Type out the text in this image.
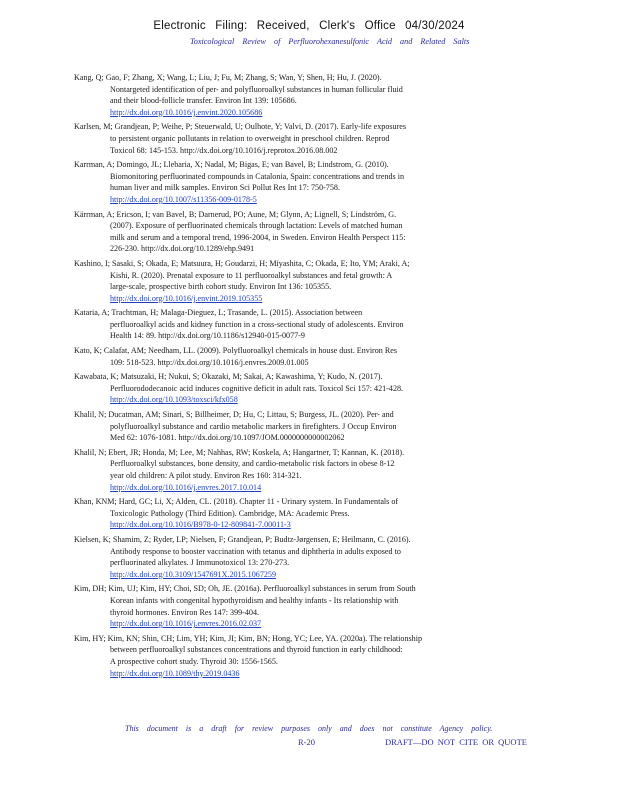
Electronic Filing: Received, Clerk's Office 04/30/2024
Toxicological Review of Perfluorohexanesulfonic Acid and Related Salts
Kang, Q; Gao, F; Zhang, X; Wang, L; Liu, J; Fu, M; Zhang, S; Wan, Y; Shen, H; Hu, J. (2020).
Nontargeted identification of per- and polyfluoroalkyl substances in human follicular fluid
and their blood-follicle transfer. Environ Int 139: 105686.
http://dx.doi.org/10.1016/j.envint.2020.105686
Karlsen, M; Grandjean, P; Weihe, P; Steuerwald, U; Oulhote, Y; Valvi, D. (2017). Early-life exposures
to persistent organic pollutants in relation to overweight in preschool children. Reprod
Toxicol 68: 145-153. http://dx.doi.org/10.1016/j.reprotox.2016.08.002
Karrman, A; Domingo, JL; Llebaria, X; Nadal, M; Bigas, E; van Bavel, B; Lindstrom, G. (2010).
Biomonitoring perfluorinated compounds in Catalonia, Spain: concentrations and trends in
human liver and milk samples. Environ Sci Pollut Res Int 17: 750-758.
http://dx.doi.org/10.1007/s11356-009-0178-5
Kärrman, A; Ericson, I; van Bavel, B; Darnerud, PO; Aune, M; Glynn, A; Lignell, S; Lindström, G.
(2007). Exposure of perfluorinated chemicals through lactation: Levels of matched human
milk and serum and a temporal trend, 1996-2004, in Sweden. Environ Health Perspect 115:
226-230. http://dx.doi.org/10.1289/ehp.9491
Kashino, I; Sasaki, S; Okada, E; Matsuura, H; Goudarzi, H; Miyashita, C; Okada, E; Ito, YM; Araki, A;
Kishi, R. (2020). Prenatal exposure to 11 perfluoroalkyl substances and fetal growth: A
large-scale, prospective birth cohort study. Environ Int 136: 105355.
http://dx.doi.org/10.1016/j.envint.2019.105355
Kataria, A; Trachtman, H; Malaga-Dieguez, L; Trasande, L. (2015). Association between
perfluoroalkyl acids and kidney function in a cross-sectional study of adolescents. Environ
Health 14: 89. http://dx.doi.org/10.1186/s12940-015-0077-9
Kato, K; Calafat, AM; Needham, LL. (2009). Polyfluoroalkyl chemicals in house dust. Environ Res
109: 518-523. http://dx.doi.org/10.1016/j.envres.2009.01.005
Kawabata, K; Matsuzaki, H; Nukui, S; Okazaki, M; Sakai, A; Kawashima, Y; Kudo, N. (2017).
Perfluorododecanoic acid induces cognitive deficit in adult rats. Toxicol Sci 157: 421-428.
http://dx.doi.org/10.1093/toxsci/kfx058
Khalil, N; Ducatman, AM; Sinari, S; Billheimer, D; Hu, C; Littau, S; Burgess, JL. (2020). Per- and
polyfluoroalkyl substance and cardio metabolic markers in firefighters. J Occup Environ
Med 62: 1076-1081. http://dx.doi.org/10.1097/JOM.0000000000002062
Khalil, N; Ebert, JR; Honda, M; Lee, M; Nahhas, RW; Koskela, A; Hangartner, T; Kannan, K. (2018).
Perfluoroalkyl substances, bone density, and cardio-metabolic risk factors in obese 8-12
year old children: A pilot study. Environ Res 160: 314-321.
http://dx.doi.org/10.1016/j.envres.2017.10.014
Khan, KNM; Hard, GC; Li, X; Alden, CL. (2018). Chapter 11 - Urinary system. In Fundamentals of
Toxicologic Pathology (Third Edition). Cambridge, MA: Academic Press.
http://dx.doi.org/10.1016/B978-0-12-809841-7.00011-3
Kielsen, K; Shamim, Z; Ryder, LP; Nielsen, F; Grandjean, P; Budtz-Jørgensen, E; Heilmann, C. (2016).
Antibody response to booster vaccination with tetanus and diphtheria in adults exposed to
perfluorinated alkylates. J Immunotoxicol 13: 270-273.
http://dx.doi.org/10.3109/1547691X.2015.1067259
Kim, DH; Kim, UJ; Kim, HY; Choi, SD; Oh, JE. (2016a). Perfluoroalkyl substances in serum from South
Korean infants with congenital hypothyroidism and healthy infants - Its relationship with
thyroid hormones. Environ Res 147: 399-404.
http://dx.doi.org/10.1016/j.envres.2016.02.037
Kim, HY; Kim, KN; Shin, CH; Lim, YH; Kim, JI; Kim, BN; Hong, YC; Lee, YA. (2020a). The relationship
between perfluoroalkyl substances concentrations and thyroid function in early childhood:
A prospective cohort study. Thyroid 30: 1556-1565.
http://dx.doi.org/10.1089/thy.2019.0436
This document is a draft for review purposes only and does not constitute Agency policy.
R-20	DRAFT—DO NOT CITE OR QUOTE
